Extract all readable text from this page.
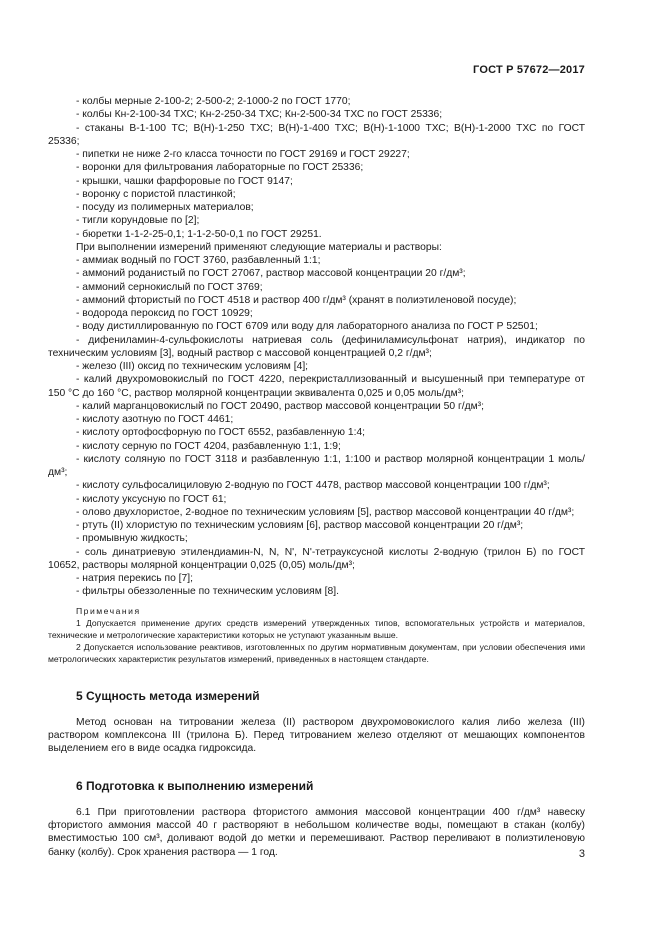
ГОСТ Р 57672—2017

- колбы мерные 2-100-2; 2-500-2; 2-1000-2 по ГОСТ 1770;

- колбы Кн-2-100-34 ТХС; Кн-2-250-34 ТХС; Кн-2-500-34 ТХС по ГОСТ 25336;

- стаканы В-1-100 ТС; В(Н)-1-250 ТХС; В(Н)-1-400 ТХС; В(Н)-1-1000 ТХС; В(Н)-1-2000 ТХС по ГОСТ 25336;

- пипетки не ниже 2-го класса точности по ГОСТ 29169 и ГОСТ 29227;

- воронки для фильтрования лабораторные по ГОСТ 25336;

- крышки, чашки фарфоровые по ГОСТ 9147;

- воронку с пористой пластинкой;

- посуду из полимерных материалов;

- тигли корундовые по [2];

- бюретки 1-1-2-25-0,1; 1-1-2-50-0,1 по ГОСТ 29251.

При выполнении измерений применяют следующие материалы и растворы:

- аммиак водный по ГОСТ 3760, разбавленный 1:1;

- аммоний роданистый по ГОСТ 27067, раствор массовой концентрации 20 г/дм³;

- аммоний сернокислый по ГОСТ 3769;

- аммоний фтористый по ГОСТ 4518 и раствор 400 г/дм³ (хранят в полиэтиленовой посуде);

- водорода пероксид по ГОСТ 10929;

- воду дистиллированную по ГОСТ 6709 или воду для лабораторного анализа по ГОСТ Р 52501;

- дифениламин-4-сульфокислоты натриевая соль (дефиниламисульфонат натрия), индикатор по техническим условиям [3], водный раствор с массовой концентрацией 0,2 г/дм³;

- железо (III) оксид по техническим условиям [4];

- калий двухромовокислый по ГОСТ 4220, перекристаллизованный и высушенный при температуре от 150 °С до 160 °С, раствор молярной концентрации эквивалента 0,025 и 0,05 моль/дм³;

- калий марганцовокислый по ГОСТ 20490, раствор массовой концентрации 50 г/дм³;

- кислоту азотную по ГОСТ 4461;

- кислоту ортофосфорную по ГОСТ 6552, разбавленную 1:4;

- кислоту серную по ГОСТ 4204, разбавленную 1:1, 1:9;

- кислоту соляную по ГОСТ 3118 и разбавленную 1:1, 1:100 и раствор молярной концентрации 1 моль/дм³;

- кислоту сульфосалициловую 2-водную по ГОСТ 4478, раствор массовой концентрации 100 г/дм³;

- кислоту уксусную по ГОСТ 61;

- олово двухлористое, 2-водное по техническим условиям [5], раствор массовой концентрации 40 г/дм³;

- ртуть (II) хлористую по техническим условиям [6], раствор массовой концентрации 20 г/дм³;

- промывную жидкость;

- соль динатриевую этилендиамин-N, N, N', N'-тетрауксусной кислоты 2-водную (трилон Б) по ГОСТ 10652, растворы молярной концентрации 0,025 (0,05) моль/дм³;

- натрия перекись по [7];

- фильтры обеззоленные по техническим условиям [8].

Примечания

1 Допускается применение других средств измерений утвержденных типов, вспомогательных устройств и материалов, технические и метрологические характеристики которых не уступают указанным выше.

2 Допускается использование реактивов, изготовленных по другим нормативным документам, при условии обеспечения ими метрологических характеристик результатов измерений, приведенных в настоящем стандарте.

5 Сущность метода измерений

Метод основан на титровании железа (II) раствором двухромовокислого калия либо железа (III) раствором комплексона III (трилона Б). Перед титрованием железо отделяют от мешающих компонентов выделением его в виде осадка гидроксида.

6 Подготовка к выполнению измерений

6.1 При приготовлении раствора фтористого аммония массовой концентрации 400 г/дм³ навеску фтористого аммония массой 40 г растворяют в небольшом количестве воды, помещают в стакан (колбу) вместимостью 100 см³, доливают водой до метки и перемешивают. Раствор переливают в полиэтиленовую банку (колбу). Срок хранения раствора — 1 год.	3
